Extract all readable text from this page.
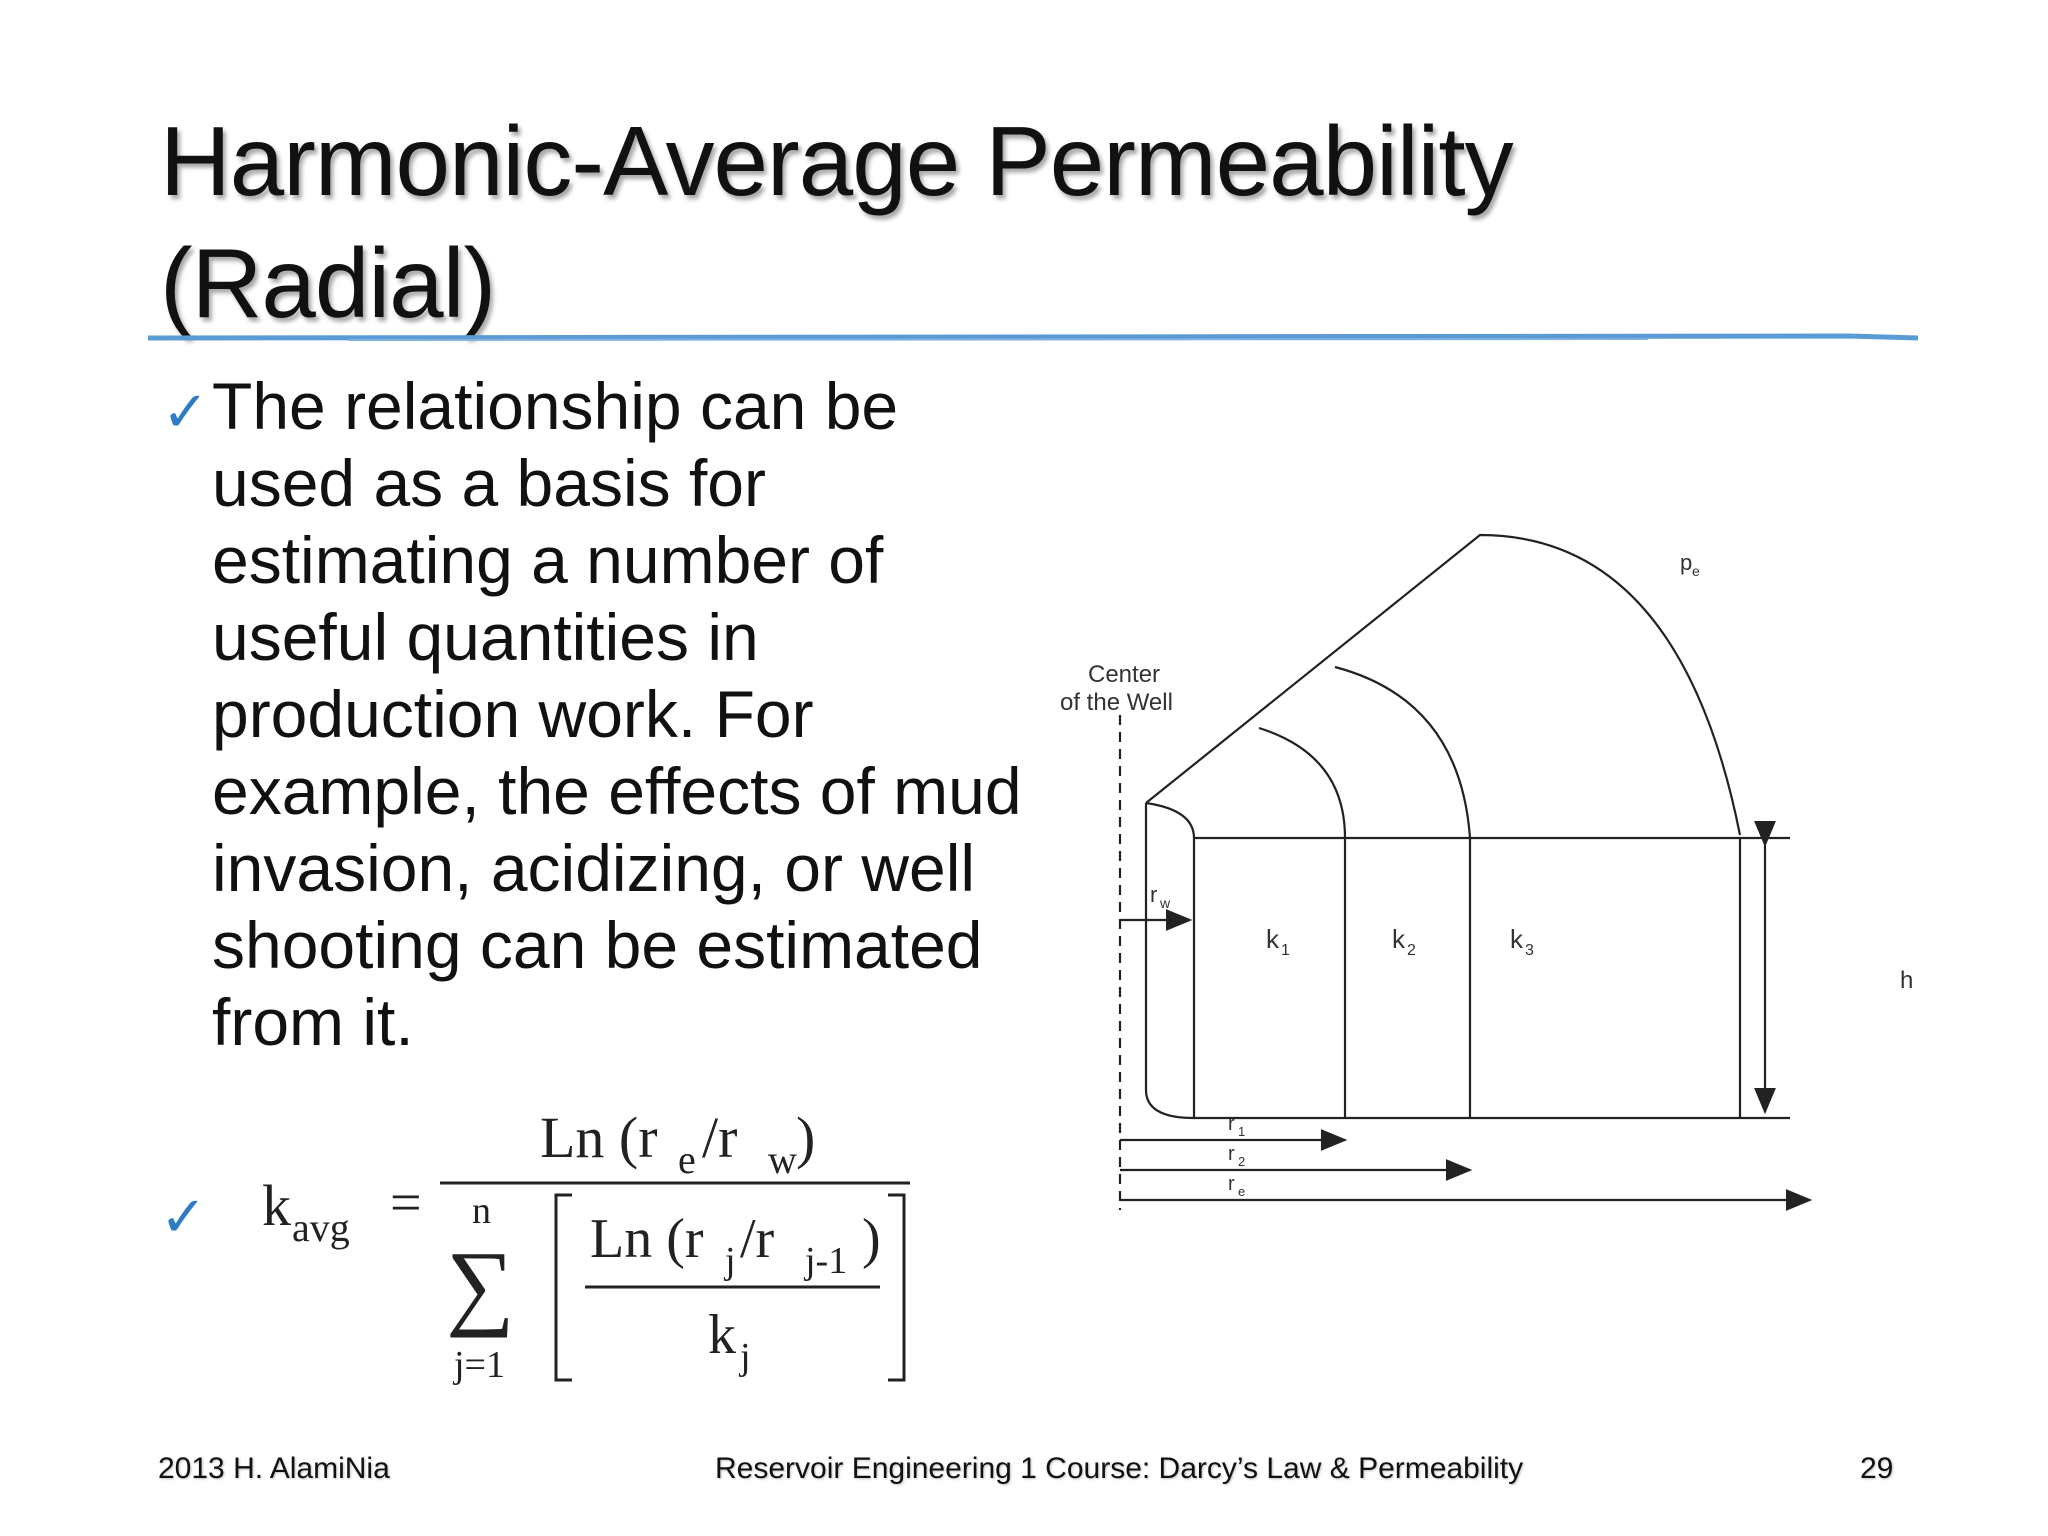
Harmonic-Average Permeability
(Radial)
✓ The relationship can be used as a basis for estimating a number of useful quantities in production work. For example, the effects of mud invasion, acidizing, or well shooting can be estimated from it.
✓ k avg =
Ln (r e /r w )
n
∑
j=1
Ln (r j /r j-1 )
k j
Center
of the Well
p e
r w
k 1	k 2	k 3
h
r 1
r 2
r e
2013 H. AlamiNia	Reservoir Engineering 1 Course: Darcy’s Law & Permeability	29
